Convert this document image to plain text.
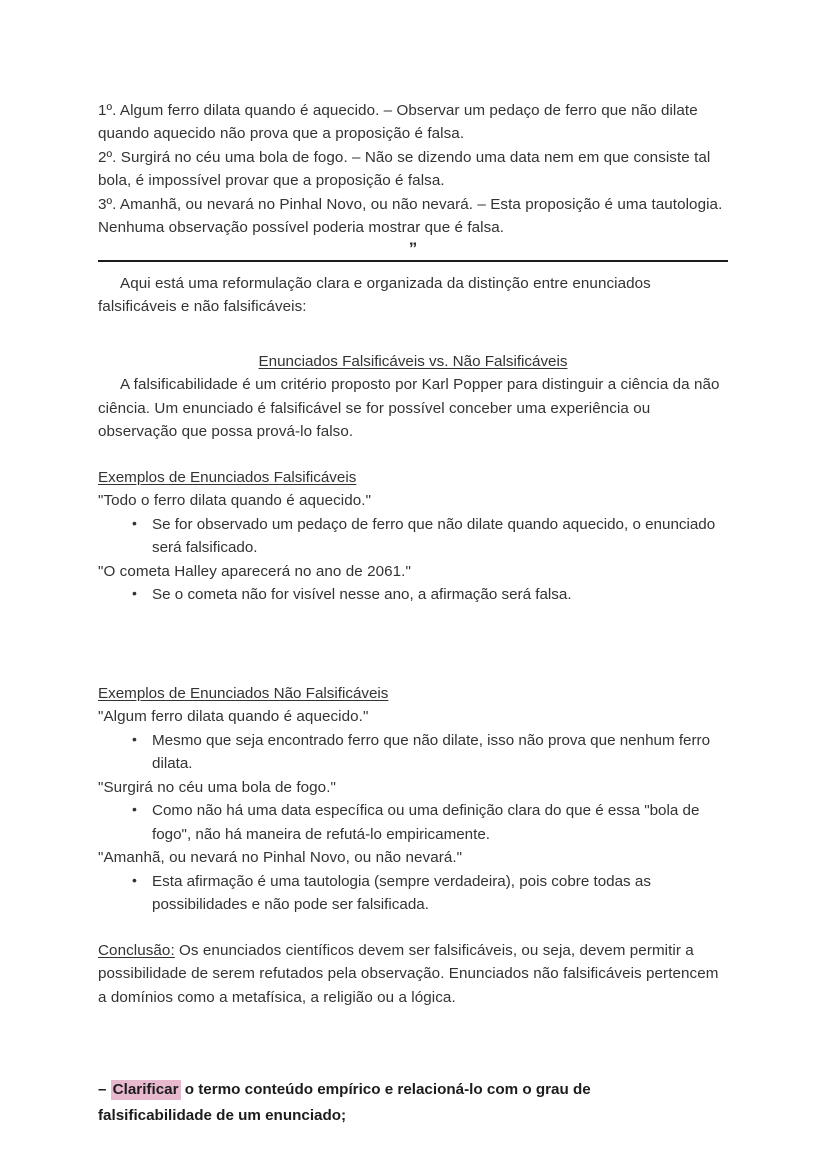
1º. Algum ferro dilata quando é aquecido. – Observar um pedaço de ferro que não dilate quando aquecido não prova que a proposição é falsa.

2º. Surgirá no céu uma bola de fogo. – Não se dizendo uma data nem em que consiste tal bola, é impossível provar que a proposição é falsa.

3º. Amanhã, ou nevará no Pinhal Novo, ou não nevará. – Esta proposição é uma tautologia. Nenhuma observação possível poderia mostrar que é falsa.

”

Aqui está uma reformulação clara e organizada da distinção entre enunciados falsificáveis e não falsificáveis:

Enunciados Falsificáveis vs. Não Falsificáveis

A falsificabilidade é um critério proposto por Karl Popper para distinguir a ciência da não ciência. Um enunciado é falsificável se for possível conceber uma experiência ou observação que possa prová-lo falso.

Exemplos de Enunciados Falsificáveis

"Todo o ferro dilata quando é aquecido."

• Se for observado um pedaço de ferro que não dilate quando aquecido, o enunciado será falsificado.

"O cometa Halley aparecerá no ano de 2061."

• Se o cometa não for visível nesse ano, a afirmação será falsa.

Exemplos de Enunciados Não Falsificáveis

"Algum ferro dilata quando é aquecido."

• Mesmo que seja encontrado ferro que não dilate, isso não prova que nenhum ferro dilata.

"Surgirá no céu uma bola de fogo."

• Como não há uma data específica ou uma definição clara do que é essa "bola de fogo", não há maneira de refutá-lo empiricamente.

"Amanhã, ou nevará no Pinhal Novo, ou não nevará."

• Esta afirmação é uma tautologia (sempre verdadeira), pois cobre todas as possibilidades e não pode ser falsificada.

Conclusão: Os enunciados científicos devem ser falsificáveis, ou seja, devem permitir a possibilidade de serem refutados pela observação. Enunciados não falsificáveis pertencem a domínios como a metafísica, a religião ou a lógica.

– Clarificar o termo conteúdo empírico e relacioná-lo com o grau de falsificabilidade de um enunciado;
